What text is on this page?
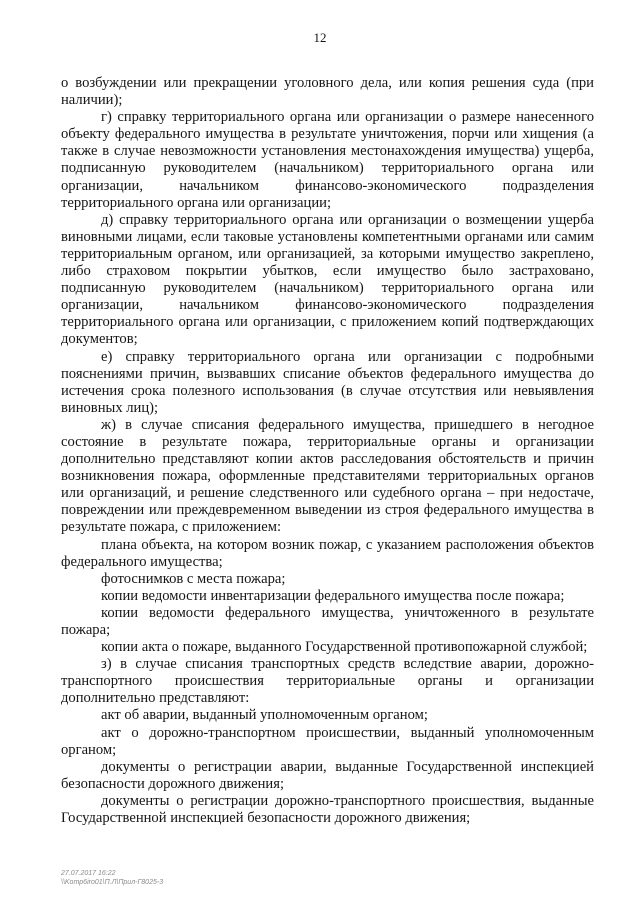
12

о возбуждении или прекращении уголовного дела, или копия решения суда (при наличии);

г) справку территориального органа или организации о размере нанесенного объекту федерального имущества в результате уничтожения, порчи или хищения (а также в случае невозможности установления местонахождения имущества) ущерба, подписанную руководителем (начальником) территориального органа или организации, начальником финансово-экономического подразделения территориального органа или организации;

д) справку территориального органа или организации о возмещении ущерба виновными лицами, если таковые установлены компетентными органами или самим территориальным органом, или организацией, за которыми имущество закреплено, либо страховом покрытии убытков, если имущество было застраховано, подписанную руководителем (начальником) территориального органа или организации, начальником финансово-экономического подразделения территориального органа или организации, с приложением копий подтверждающих документов;

е) справку территориального органа или организации с подробными пояснениями причин, вызвавших списание объектов федерального имущества до истечения срока полезного использования (в случае отсутствия или невыявления виновных лиц);

ж) в случае списания федерального имущества, пришедшего в негодное состояние в результате пожара, территориальные органы и организации дополнительно представляют копии актов расследования обстоятельств и причин возникновения пожара, оформленные представителями территориальных органов или организаций, и решение следственного или судебного органа – при недостаче, повреждении или преждевременном выведении из строя федерального имущества в результате пожара, с приложением:

плана объекта, на котором возник пожар, с указанием расположения объектов федерального имущества;

фотоснимков с места пожара;

копии ведомости инвентаризации федерального имущества после пожара;

копии ведомости федерального имущества, уничтоженного в результате пожара;

копии акта о пожаре, выданного Государственной противопожарной службой;

з) в случае списания транспортных средств вследствие аварии, дорожно-транспортного происшествия территориальные органы и организации дополнительно представляют:

акт об аварии, выданный уполномоченным органом;

акт о дорожно-транспортном происшествии, выданный уполномоченным органом;

документы о регистрации аварии, выданные Государственной инспекцией безопасности дорожного движения;

документы о регистрации дорожно-транспортного происшествия, выданные Государственной инспекцией безопасности дорожного движения;

27.07.2017 16:22
\\Komp6iro01\П.Л\Прил-Г8025-3
